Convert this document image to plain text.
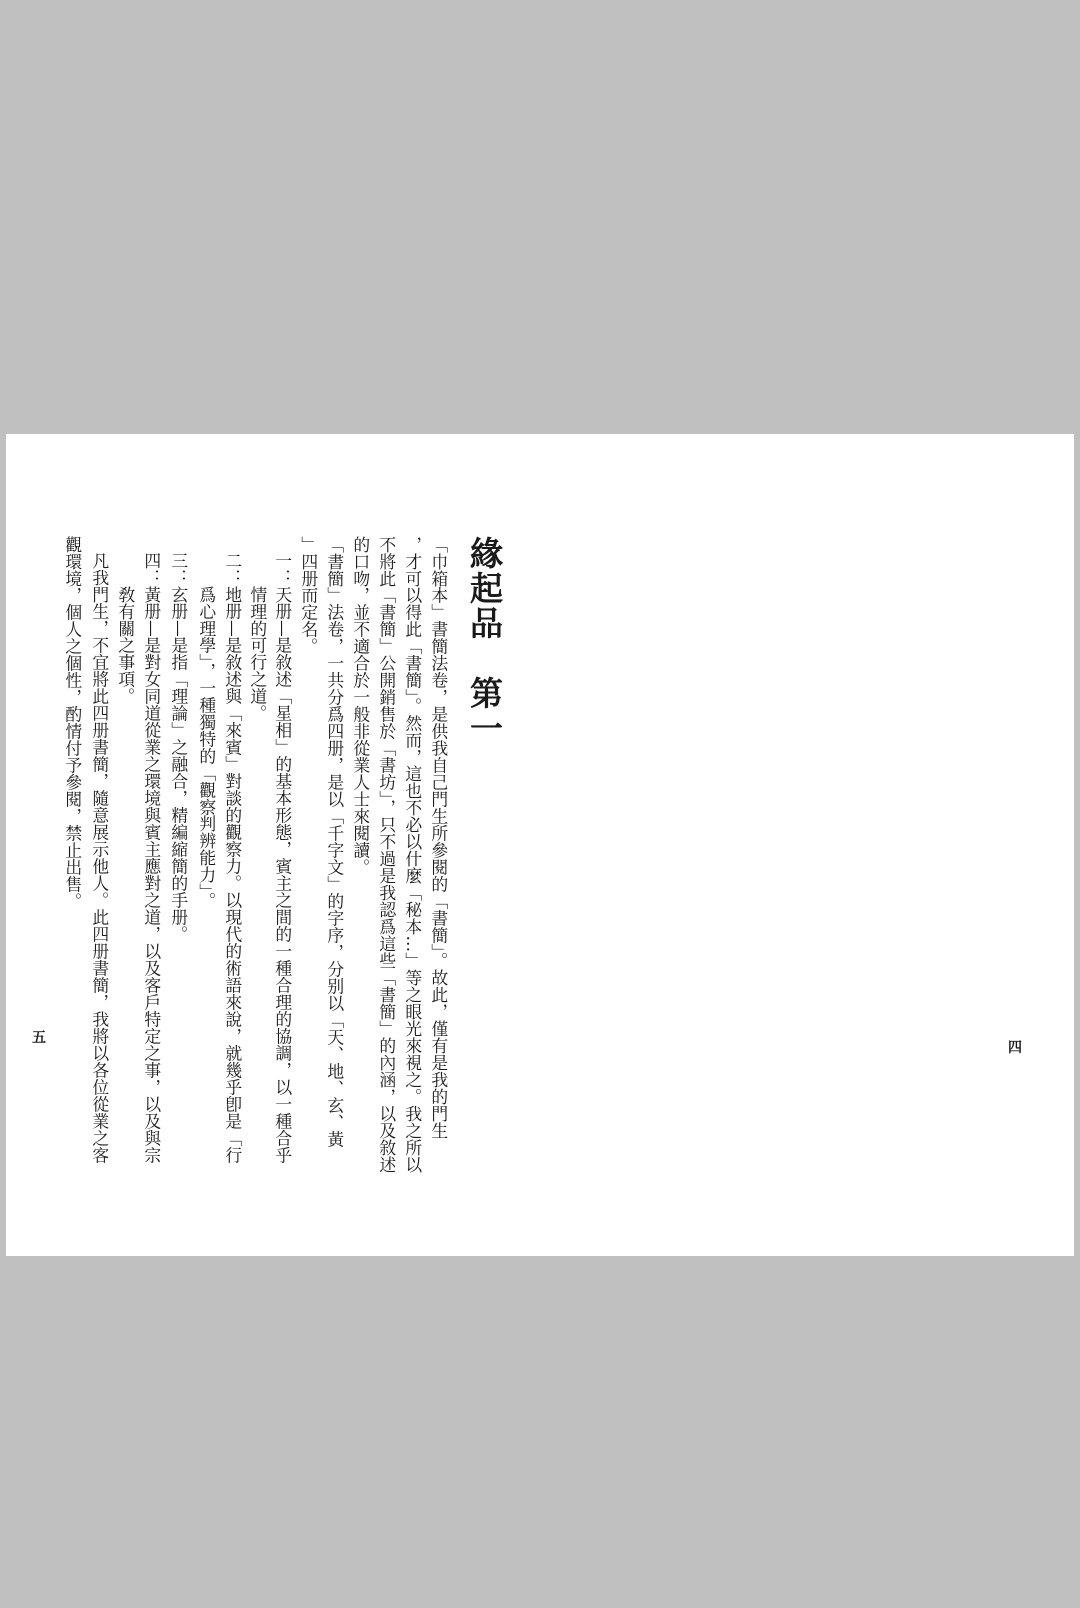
緣起品　第一
「巾箱本」書簡法卷，是供我自己門生所參閱的「書簡」。故此，僅有是我的門生
，才可以得此「書簡」。然而，這也不必以什麼「秘本…」等之眼光來視之。我之所以
不將此「書簡」公開銷售於「書坊」，只不過是我認爲這些「書簡」的內涵，以及敘述
的口吻，並不適合於一般非從業人士來閱讀。
「書簡」法卷，一共分爲四册，是以「千字文」的字序，分别以「天、地、玄、黃
」四册而定名。
一：天册—是敘述「星相」的基本形態，賓主之間的一種合理的協調，以一種合乎
情理的可行之道。
二：地册—是敘述與「來賓」對談的觀察力。以現代的術語來說，就幾乎卽是「行
爲心理學」，一種獨特的「觀察判辨能力」。
三：玄册—是指「理論」之融合，精編縮簡的手册。
四：黃册—是對女同道從業之環境與賓主應對之道，以及客戶特定之事，以及與宗
敎有關之事項。
凡我門生，不宜將此四册書簡，隨意展示他人。此四册書簡，我將以各位從業之客
觀環境，個人之個性，酌情付予參閱，禁止出售。
五
四
